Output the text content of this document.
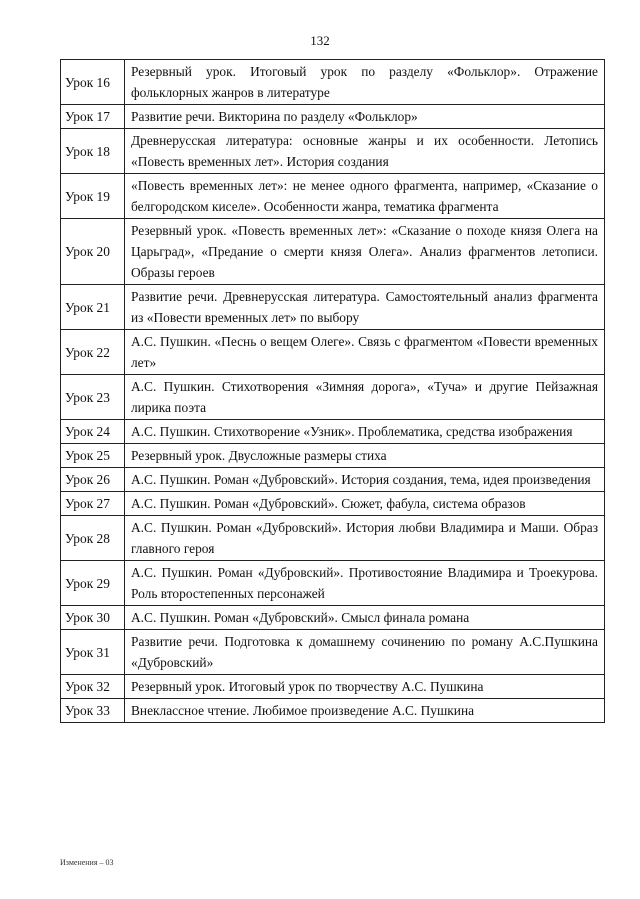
132
Урок 16	Резервный урок. Итоговый урок по разделу «Фольклор». Отражение фольклорных жанров в литературе
Урок 17	Развитие речи. Викторина по разделу «Фольклор»
Урок 18	Древнерусская литература: основные жанры и их особенности. Летопись «Повесть временных лет». История создания
Урок 19	«Повесть временных лет»: не менее одного фрагмента, например, «Сказание о белгородском киселе». Особенности жанра, тематика фрагмента
Урок 20	Резервный урок. «Повесть временных лет»: «Сказание о походе князя Олега на Царьград», «Предание о смерти князя Олега». Анализ фрагментов летописи. Образы героев
Урок 21	Развитие речи. Древнерусская литература. Самостоятельный анализ фрагмента из «Повести временных лет» по выбору
Урок 22	А.С. Пушкин. «Песнь о вещем Олеге». Связь с фрагментом «Повести временных лет»
Урок 23	А.С. Пушкин. Стихотворения «Зимняя дорога», «Туча» и другие Пейзажная лирика поэта
Урок 24	А.С. Пушкин. Стихотворение «Узник». Проблематика, средства изображения
Урок 25	Резервный урок. Двусложные размеры стиха
Урок 26	А.С. Пушкин. Роман «Дубровский». История создания, тема, идея произведения
Урок 27	А.С. Пушкин. Роман «Дубровский». Сюжет, фабула, система образов
Урок 28	А.С. Пушкин. Роман «Дубровский». История любви Владимира и Маши. Образ главного героя
Урок 29	А.С. Пушкин. Роман «Дубровский». Противостояние Владимира и Троекурова. Роль второстепенных персонажей
Урок 30	А.С. Пушкин. Роман «Дубровский». Смысл финала романа
Урок 31	Развитие речи. Подготовка к домашнему сочинению по роману А.С.Пушкина «Дубровский»
Урок 32	Резервный урок. Итоговый урок по творчеству А.С. Пушкина
Урок 33	Внеклассное чтение. Любимое произведение А.С. Пушкина
Изменения – 03
